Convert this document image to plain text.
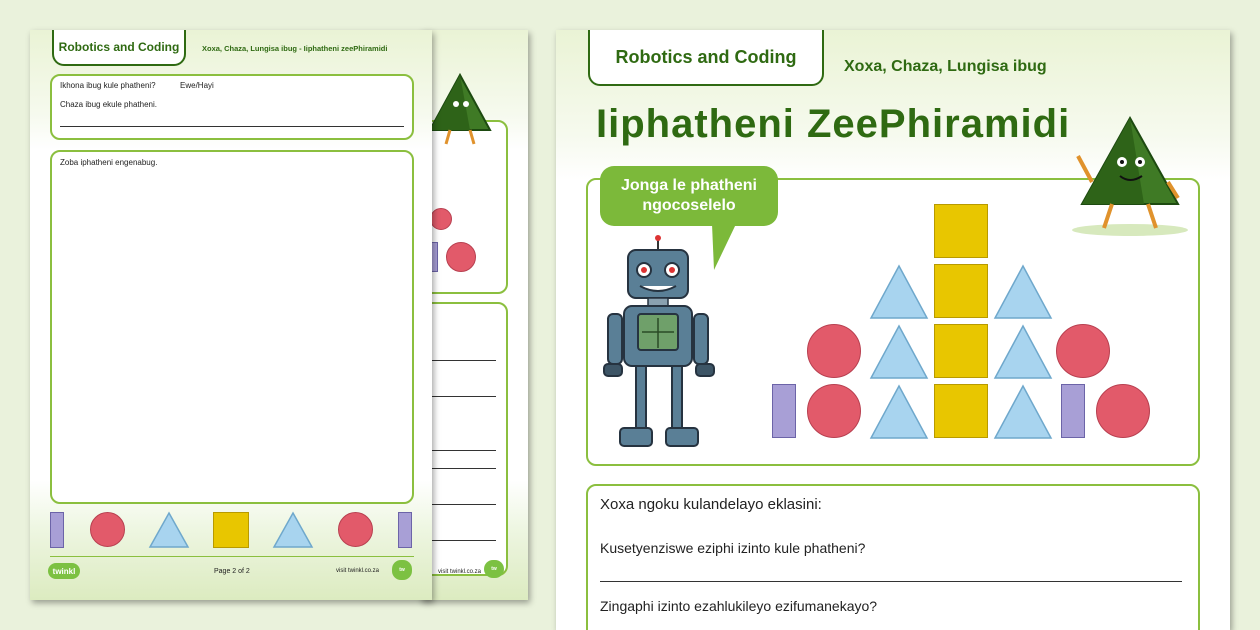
visit twinkl.co.za	tw
Robotics and Coding	Xoxa, Chaza, Lungisa ibug - Iiphatheni zeePhiramidi
Ikhona ibug kule phatheni?	Ewe/Hayi
Chaza ibug ekule phatheni.
Zoba iphatheni engenabug.
twinkl	Page 2 of 2	visit twinkl.co.za	tw
Robotics and Coding	Xoxa, Chaza, Lungisa ibug
Iiphatheni ZeePhiramidi
Jonga le phatheni ngocoselelo
Xoxa ngoku kulandelayo eklasini:
Kusetyenziswe eziphi izinto kule phatheni?
Zingaphi izinto ezahlukileyo ezifumanekayo?
